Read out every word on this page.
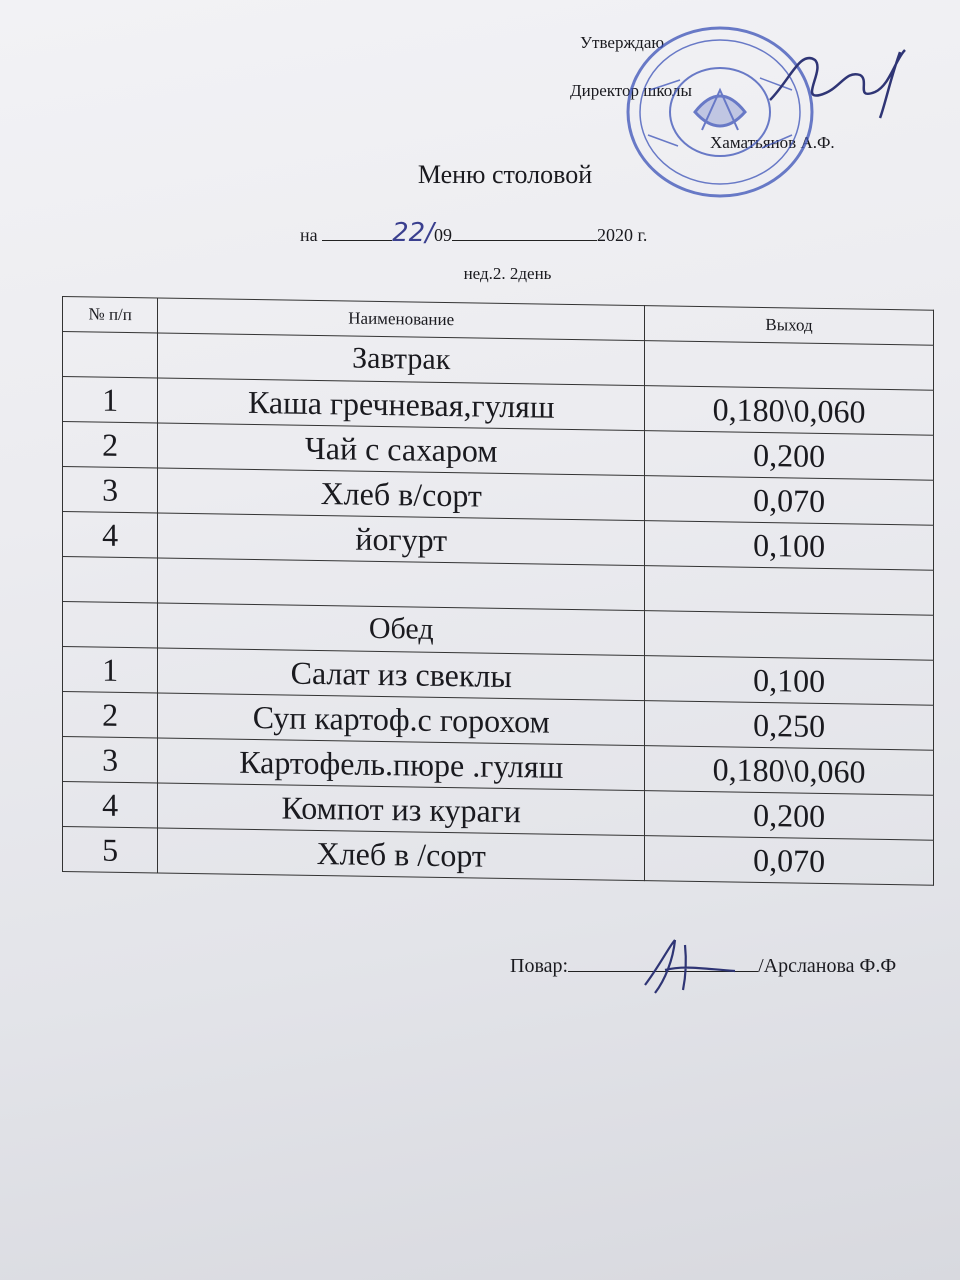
Утверждаю
Директор школы
Хаматьянов А.Ф.
Меню столовой
на	22/09	2020 г.
нед.2. 2день
№ п/п	Наименование	Выход
	Завтрак	
1	Каша гречневая,гуляш	0,180\0,060
2	Чай с сахаром	0,200
3	Хлеб в/сорт	0,070
4	йогурт	0,100

	Обед	
1	Салат из свеклы	0,100
2	Суп картоф.с горохом	0,250
3	Картофель.пюре .гуляш	0,180\0,060
4	Компот из кураги	0,200
5	Хлеб в /сорт	0,070
Повар:	/Арсланова Ф.Ф
